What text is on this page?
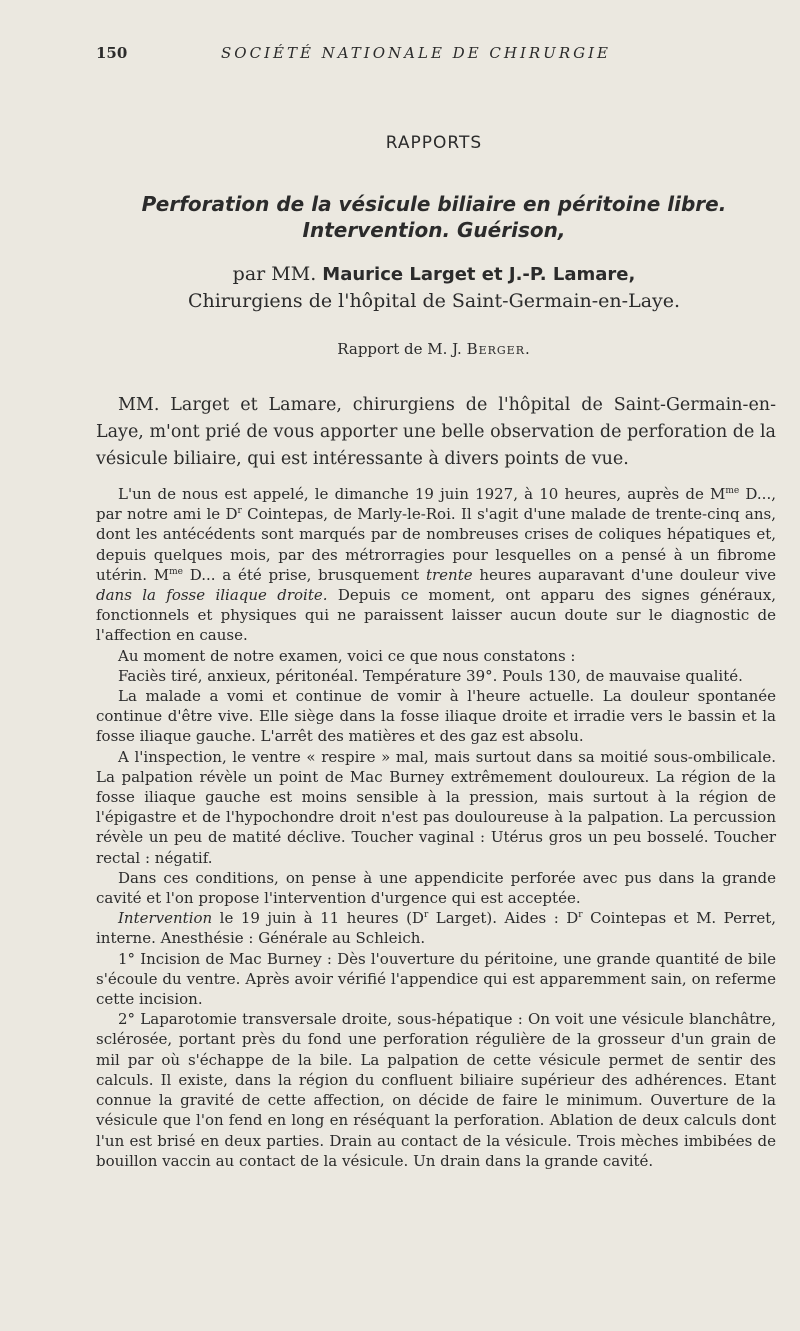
150	SOCIÉTÉ NATIONALE DE CHIRURGIE
RAPPORTS
Perforation de la vésicule biliaire en péritoine libre.
Intervention. Guérison,
par MM. Maurice Larget et J.-P. Lamare,
Chirurgiens de l'hôpital de Saint-Germain-en-Laye.
Rapport de M. J. Berger.

MM. Larget et Lamare, chirurgiens de l'hôpital de Saint-Germain-en-Laye, m'ont prié de vous apporter une belle observation de perforation de la vésicule biliaire, qui est intéressante à divers points de vue.

L'un de nous est appelé, le dimanche 19 juin 1927, à 10 heures, auprès de $M^{me}$ D..., par notre ami le $D^r$ Cointepas, de Marly-le-Roi. Il s'agit d'une malade de trente-cinq ans, dont les antécédents sont marqués par de nombreuses crises de coliques hépatiques et, depuis quelques mois, par des métrorragies pour lesquelles on a pensé à un fibrome utérin. $M^{me}$ D... a été prise, brusquement trente heures auparavant d'une douleur vive dans la fosse iliaque droite. Depuis ce moment, ont apparu des signes généraux, fonctionnels et physiques qui ne paraissent laisser aucun doute sur le diagnostic de l'affection en cause.

Au moment de notre examen, voici ce que nous constatons :

Faciès tiré, anxieux, péritonéal. Température 39°. Pouls 130, de mauvaise qualité.

La malade a vomi et continue de vomir à l'heure actuelle. La douleur spontanée continue d'être vive. Elle siège dans la fosse iliaque droite et irradie vers le bassin et la fosse iliaque gauche. L'arrêt des matières et des gaz est absolu.

A l'inspection, le ventre « respire » mal, mais surtout dans sa moitié sous-ombilicale. La palpation révèle un point de Mac Burney extrêmement douloureux. La région de la fosse iliaque gauche est moins sensible à la pression, mais surtout à la région de l'épigastre et de l'hypochondre droit n'est pas douloureuse à la palpation. La percussion révèle un peu de matité déclive. Toucher vaginal : Utérus gros un peu bosselé. Toucher rectal : négatif.

Dans ces conditions, on pense à une appendicite perforée avec pus dans la grande cavité et l'on propose l'intervention d'urgence qui est acceptée.

Intervention le 19 juin à 11 heures ($D^r$ Larget). Aides : $D^r$ Cointepas et M. Perret, interne. Anesthésie : Générale au Schleich.

1° Incision de Mac Burney : Dès l'ouverture du péritoine, une grande quantité de bile s'écoule du ventre. Après avoir vérifié l'appendice qui est apparemment sain, on referme cette incision.

2° Laparotomie transversale droite, sous-hépatique : On voit une vésicule blanchâtre, sclérosée, portant près du fond une perforation régulière de la grosseur d'un grain de mil par où s'échappe de la bile. La palpation de cette vésicule permet de sentir des calculs. Il existe, dans la région du confluent biliaire supérieur des adhérences. Etant connue la gravité de cette affection, on décide de faire le minimum. Ouverture de la vésicule que l'on fend en long en réséquant la perforation. Ablation de deux calculs dont l'un est brisé en deux parties. Drain au contact de la vésicule. Trois mèches imbibées de bouillon vaccin au contact de la vésicule. Un drain dans la grande cavité.
